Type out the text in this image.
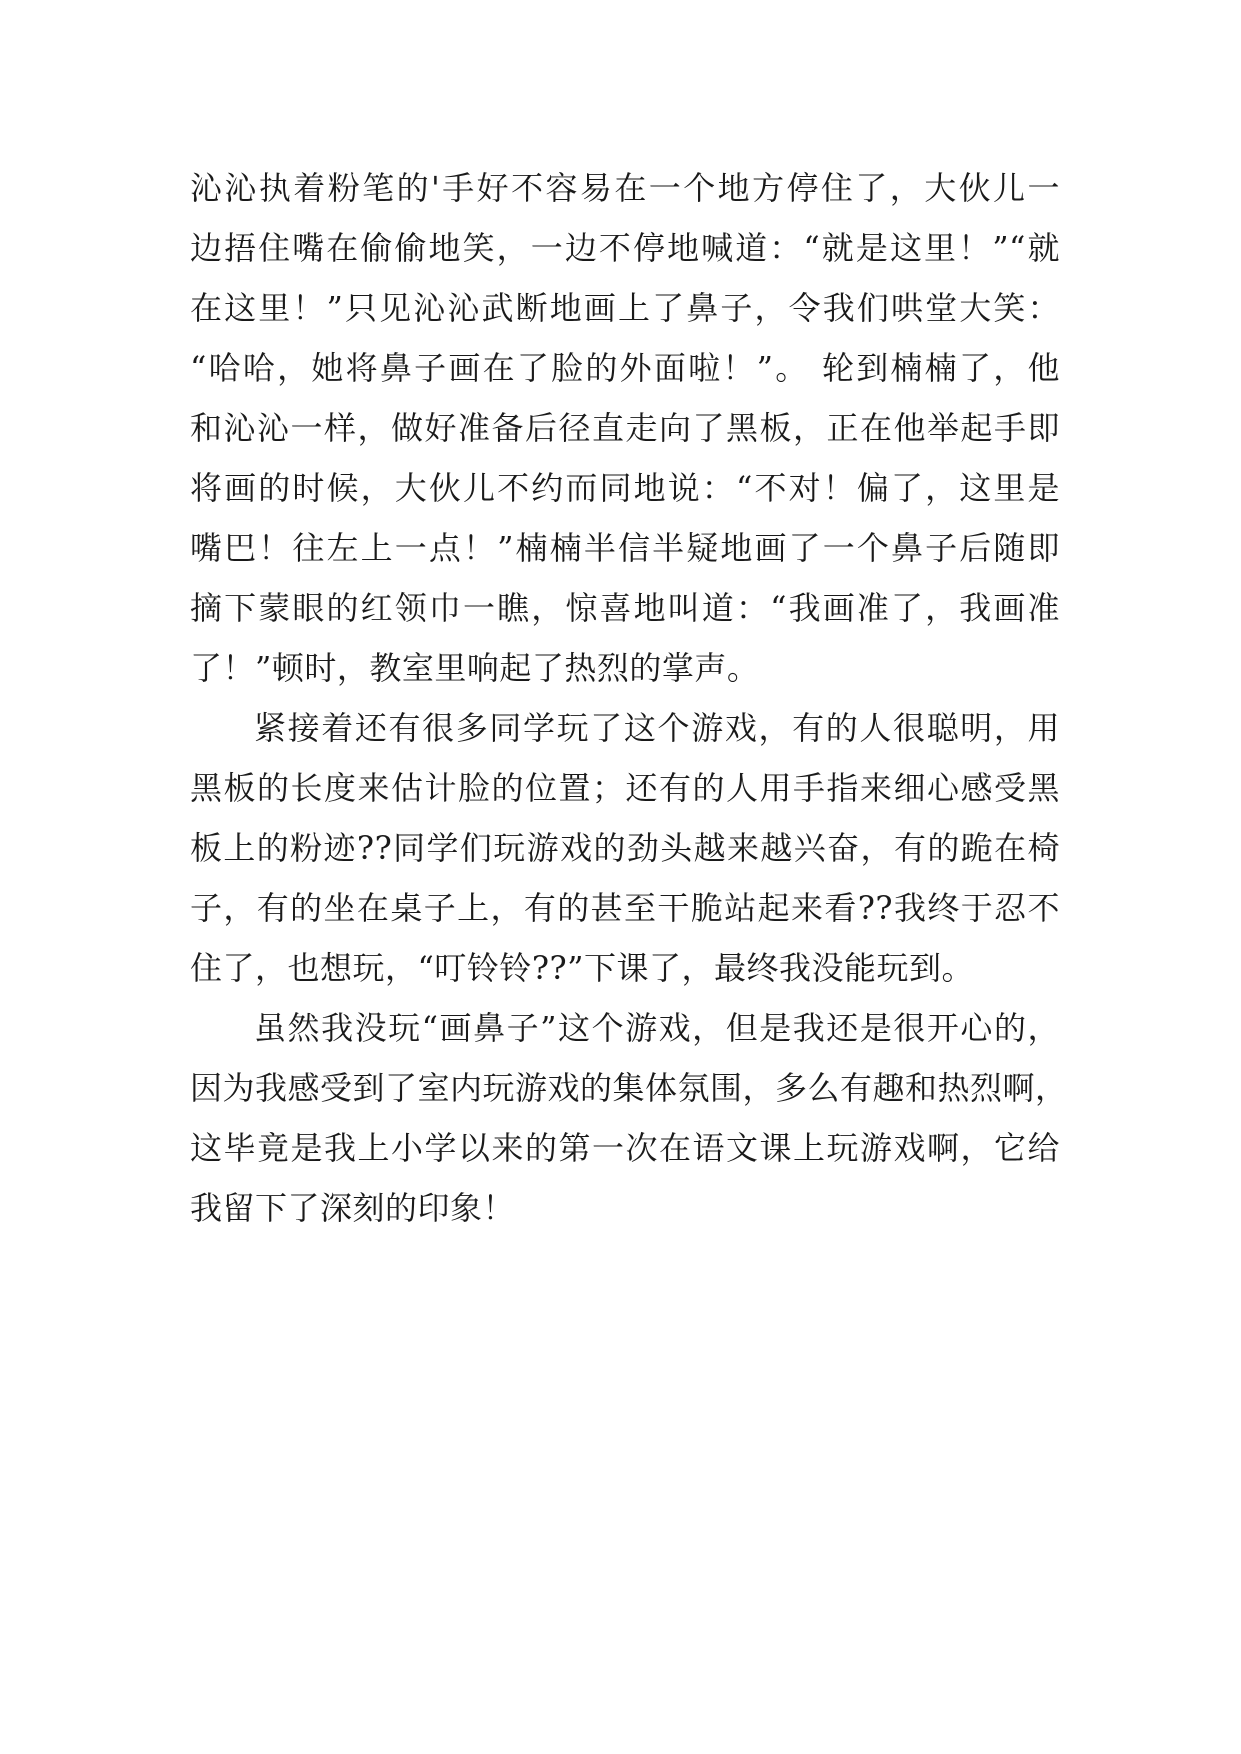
沁沁执着粉笔的'手好不容易在一个地方停住了，大伙儿一
边捂住嘴在偷偷地笑，一边不停地喊道：“就是这里！”“就
在这里！”只见沁沁武断地画上了鼻子，令我们哄堂大笑：
“哈哈，她将鼻子画在了脸的外面啦！”。 轮到楠楠了，他
和沁沁一样，做好准备后径直走向了黑板，正在他举起手即
将画的时候，大伙儿不约而同地说：“不对！偏了，这里是
嘴巴！往左上一点！”楠楠半信半疑地画了一个鼻子后随即
摘下蒙眼的红领巾一瞧，惊喜地叫道：“我画准了，我画准
了！”顿时，教室里响起了热烈的掌声。
紧接着还有很多同学玩了这个游戏，有的人很聪明，用
黑板的长度来估计脸的位置；还有的人用手指来细心感受黑
板上的粉迹??同学们玩游戏的劲头越来越兴奋，有的跪在椅
子，有的坐在桌子上，有的甚至干脆站起来看??我终于忍不
住了，也想玩，“叮铃铃??”下课了，最终我没能玩到。
虽然我没玩“画鼻子”这个游戏，但是我还是很开心的，
因为我感受到了室内玩游戏的集体氛围，多么有趣和热烈啊，
这毕竟是我上小学以来的第一次在语文课上玩游戏啊，它给
我留下了深刻的印象！
